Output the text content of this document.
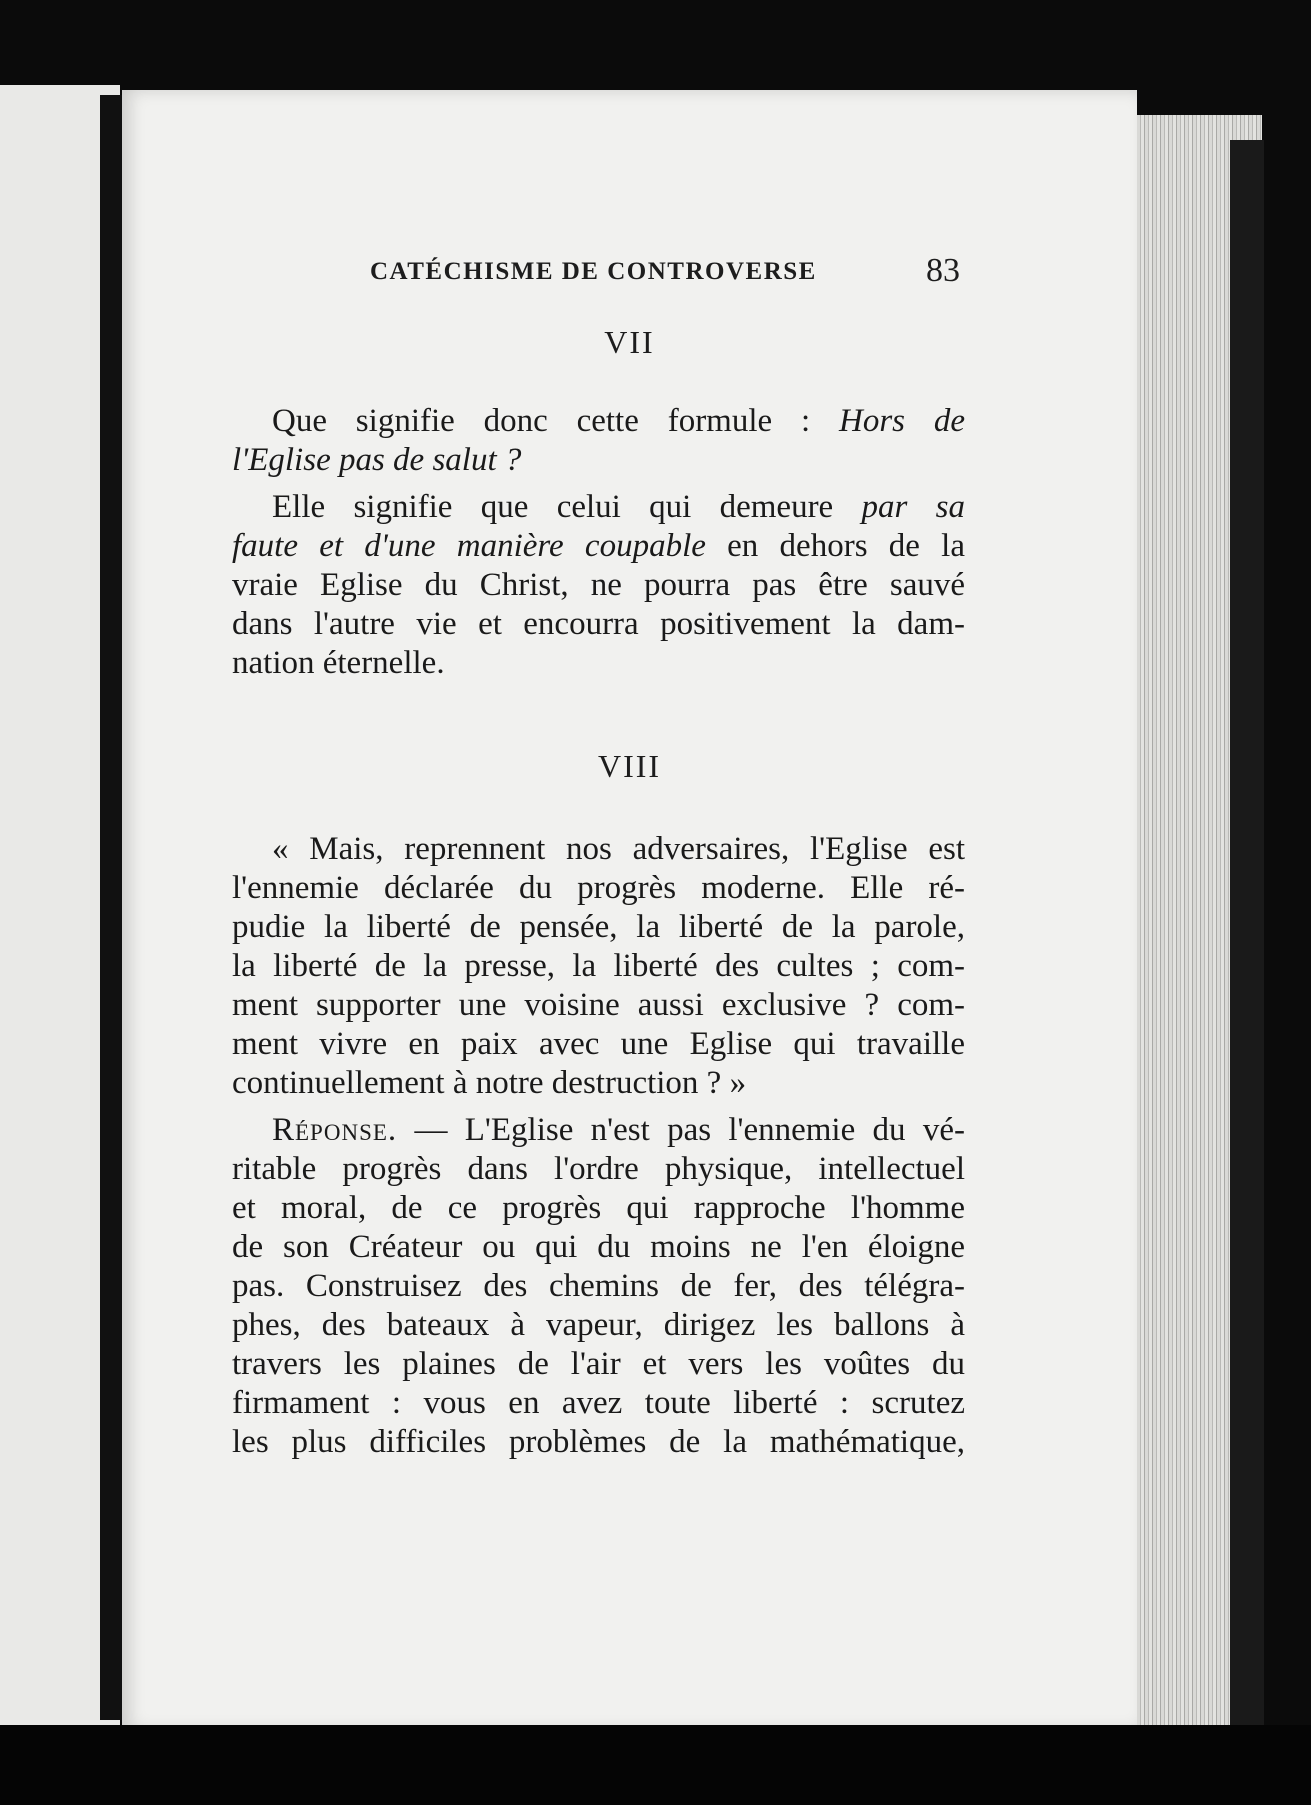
CATÉCHISME DE CONTROVERSE	83
VII
Que signifie donc cette formule : Hors de
l'Eglise pas de salut ?
Elle signifie que celui qui demeure par sa
faute et d'une manière coupable en dehors de la
vraie Eglise du Christ, ne pourra pas être sauvé
dans l'autre vie et encourra positivement la dam-
nation éternelle.
VIII
« Mais, reprennent nos adversaires, l'Eglise est
l'ennemie déclarée du progrès moderne. Elle ré-
pudie la liberté de pensée, la liberté de la parole,
la liberté de la presse, la liberté des cultes ; com-
ment supporter une voisine aussi exclusive ? com-
ment vivre en paix avec une Eglise qui travaille
continuellement à notre destruction ? »
Réponse. — L'Eglise n'est pas l'ennemie du vé-
ritable progrès dans l'ordre physique, intellectuel
et moral, de ce progrès qui rapproche l'homme
de son Créateur ou qui du moins ne l'en éloigne
pas. Construisez des chemins de fer, des télégra-
phes, des bateaux à vapeur, dirigez les ballons à
travers les plaines de l'air et vers les voûtes du
firmament : vous en avez toute liberté : scrutez
les plus difficiles problèmes de la mathématique,
